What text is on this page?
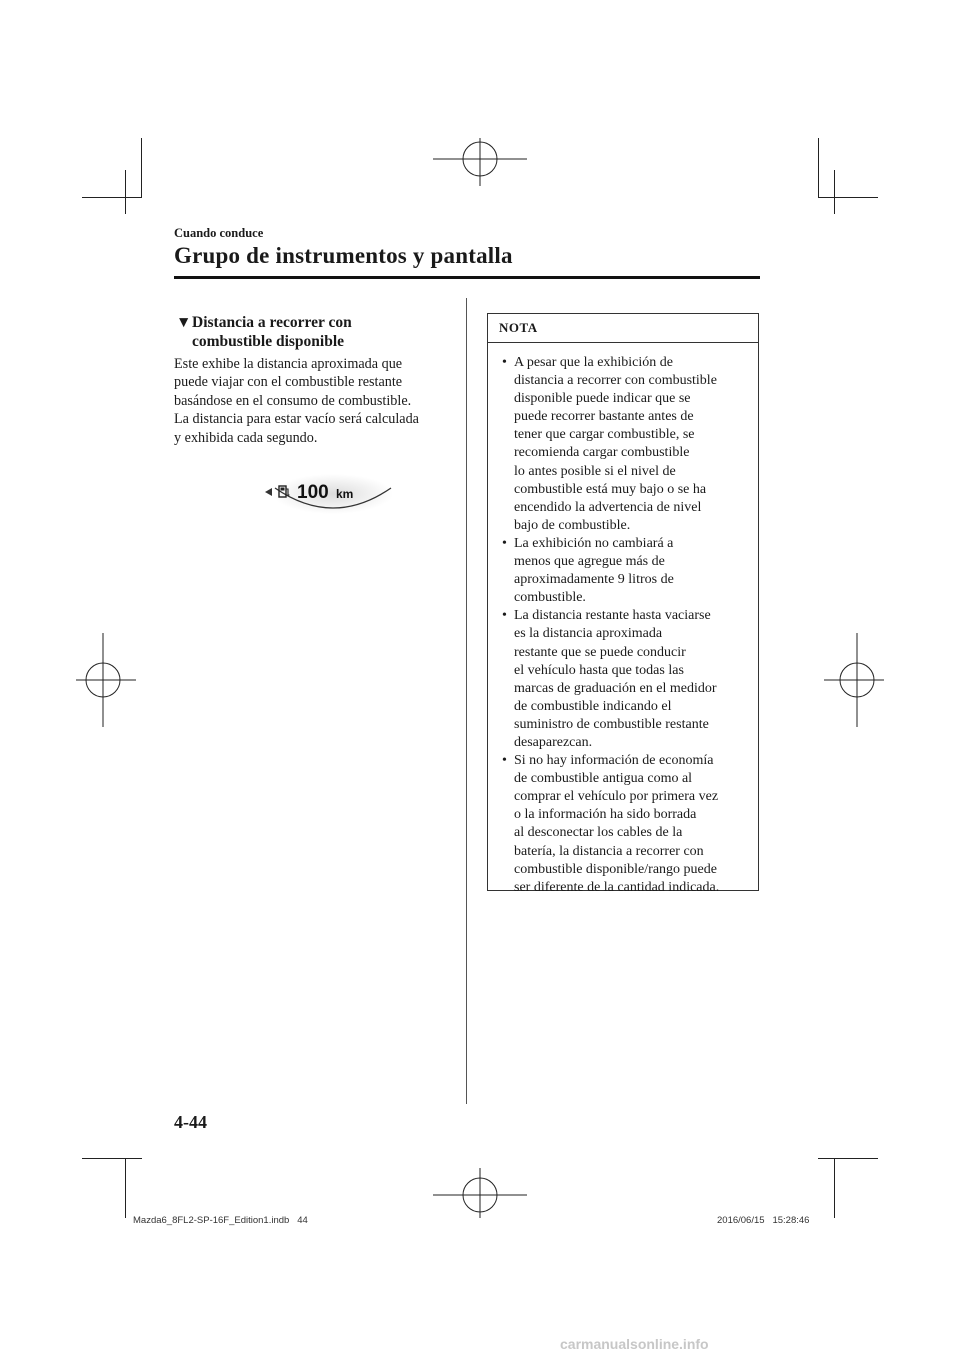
Cuando conduce
Grupo de instrumentos y pantalla
▼Distancia a recorrer con
combustible disponible
Este exhibe la distancia aproximada que
puede viajar con el combustible restante
basándose en el consumo de combustible.
La distancia para estar vacío será calculada
y exhibida cada segundo.
100 km
NOTA
• A pesar que la exhibición de
distancia a recorrer con combustible
disponible puede indicar que se
puede recorrer bastante antes de
tener que cargar combustible, se
recomienda cargar combustible
lo antes posible si el nivel de
combustible está muy bajo o se ha
encendido la advertencia de nivel
bajo de combustible.
• La exhibición no cambiará a
menos que agregue más de
aproximadamente 9 litros de
combustible.
• La distancia restante hasta vaciarse
es la distancia aproximada
restante que se puede conducir
el vehículo hasta que todas las
marcas de graduación en el medidor
de combustible indicando el
suministro de combustible restante
desaparezcan.
• Si no hay información de economía
de combustible antigua como al
comprar el vehículo por primera vez
o la información ha sido borrada
al desconectar los cables de la
batería, la distancia a recorrer con
combustible disponible/rango puede
ser diferente de la cantidad indicada.
4-44
Mazda6_8FL2-SP-16F_Edition1.indb   44	2016/06/15   15:28:46
carmanualsonline.info
